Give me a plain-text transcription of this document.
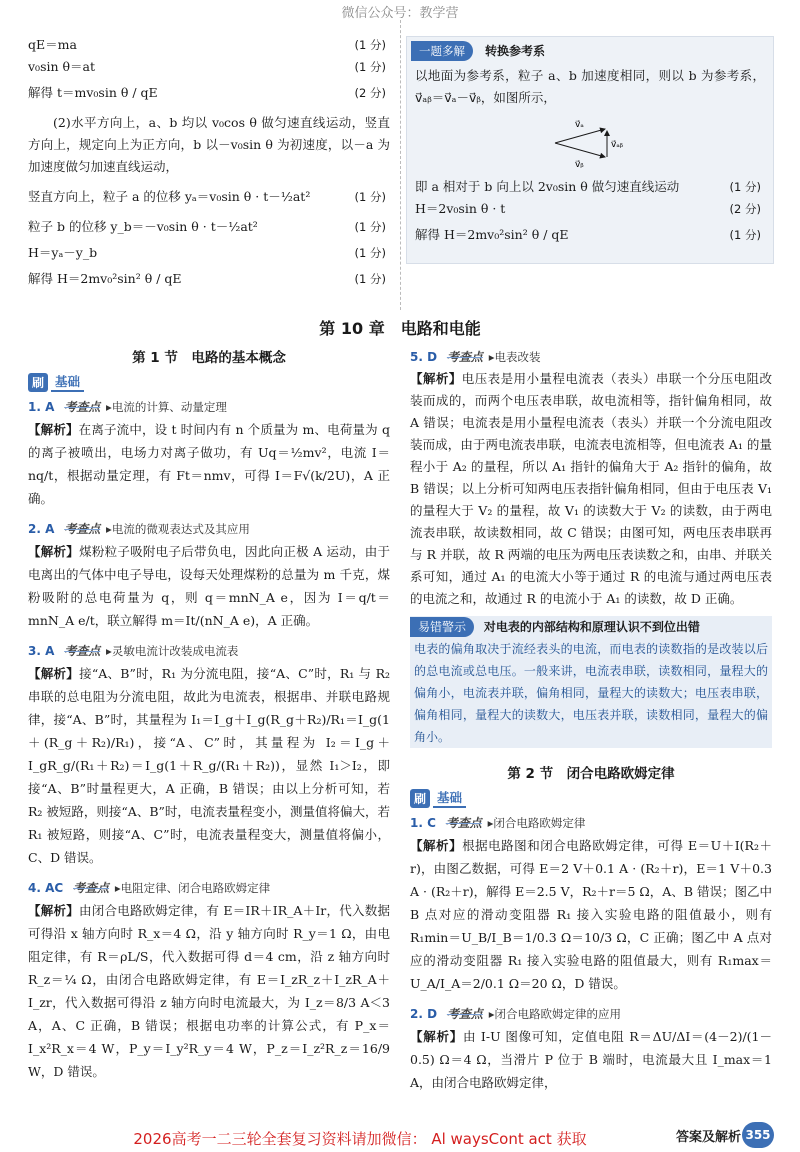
微信公众号：教学营
qE＝ma	(1 分)
v₀sin θ＝at	(1 分)
解得 t＝mv₀sin θ / qE	(2 分)
(2)水平方向上，a、b 均以 v₀cos θ 做匀速直线运动，竖直方向上，规定向上为正方向，b 以－v₀sin θ 为初速度，以－a 为加速度做匀加速直线运动，
竖直方向上，粒子 a 的位移 yₐ＝v₀sin θ · t－½at²	(1 分)
粒子 b 的位移 y_b＝－v₀sin θ · t－½at²	(1 分)
H＝yₐ－y_b	(1 分)
解得 H＝2mv₀²sin² θ / qE	(1 分)
一题多解 转换参考系
以地面为参考系，粒子 a、b 加速度相同，则以 b 为参考系，v⃗ₐᵦ＝v⃗ₐ－v⃗ᵦ，如图所示，
v⃗ₐ
v⃗ᵦ
v⃗ₐᵦ
即 a 相对于 b 向上以 2v₀sin θ 做匀速直线运动	(1 分)
H＝2v₀sin θ · t	(2 分)
解得 H＝2mv₀²sin² θ / qE	(1 分)
第 10 章　电路和电能
第 1 节　电路的基本概念
刷 基础
1. A 考查点 ▸电流的计算、动量定理
【解析】在离子流中，设 t 时间内有 n 个质量为 m、电荷量为 q 的离子被喷出，电场力对离子做功，有 Uq＝½mv²，电流 I＝nq/t，根据动量定理，有 Ft＝nmv，可得 I＝F√(k/2U)，A 正确。
2. A 考查点 ▸电流的微观表达式及其应用
【解析】煤粉粒子吸附电子后带负电，因此向正极 A 运动，由于电离出的气体中电子导电，设每天处理煤粉的总量为 m 千克，煤粉吸附的总电荷量为 q，则 q＝mnN_A e，因为 I＝q/t＝mnN_A e/t，联立解得 m＝It/(nN_A e)，A 正确。
3. A 考查点 ▸灵敏电流计改装成电流表
【解析】接“A、B”时，R₁ 为分流电阻，接“A、C”时，R₁ 与 R₂ 串联的总电阻为分流电阻，故此为电流表，根据串、并联电路规律，接“A、B”时，其量程为 I₁＝I_g＋I_g(R_g＋R₂)/R₁＝I_g(1＋(R_g＋R₂)/R₁)，接“A、C”时，其量程为 I₂＝I_g＋I_gR_g/(R₁＋R₂)＝I_g(1＋R_g/(R₁＋R₂))，显然 I₁＞I₂，即接“A、B”时量程更大，A 正确，B 错误；由以上分析可知，若 R₂ 被短路，则接“A、B”时，电流表量程变小，测量值将偏大，若 R₁ 被短路，则接“A、C”时，电流表量程变大，测量值将偏小，C、D 错误。
4. AC 考查点 ▸电阻定律、闭合电路欧姆定律
【解析】由闭合电路欧姆定律，有 E＝IR＋IR_A＋Ir，代入数据可得沿 x 轴方向时 R_x＝4 Ω，沿 y 轴方向时 R_y＝1 Ω，由电阻定律，有 R＝ρL/S，代入数据可得 d＝4 cm，沿 z 轴方向时 R_z＝¼ Ω，由闭合电路欧姆定律，有 E＝I_zR_z＋I_zR_A＋I_zr，代入数据可得沿 z 轴方向时电流最大，为 I_z＝8/3 A＜3 A，A、C 正确，B 错误；根据电功率的计算公式，有 P_x＝I_x²R_x＝4 W，P_y＝I_y²R_y＝4 W，P_z＝I_z²R_z＝16/9 W，D 错误。
5. D 考查点 ▸电表改装
【解析】电压表是用小量程电流表（表头）串联一个分压电阻改装而成的，而两个电压表串联，故电流相等，指针偏角相同，故 A 错误；电流表是用小量程电流表（表头）并联一个分流电阻改装而成，由于两电流表串联，电流表电流相等，但电流表 A₁ 的量程小于 A₂ 的量程，所以 A₁ 指针的偏角大于 A₂ 指针的偏角，故 B 错误；以上分析可知两电压表指针偏角相同，但由于电压表 V₁ 的量程大于 V₂ 的量程，故 V₁ 的读数大于 V₂ 的读数，由于两电流表串联，故读数相同，故 C 错误；由图可知，两电压表串联再与 R 并联，故 R 两端的电压为两电压表读数之和，由串、并联关系可知，通过 A₁ 的电流大小等于通过 R 的电流与通过两电压表的电流之和，故通过 R 的电流小于 A₁ 的读数，故 D 正确。
易错警示 对电表的内部结构和原理认识不到位出错
电表的偏角取决于流经表头的电流，而电表的读数指的是改装以后的总电流或总电压。一般来讲，电流表串联，读数相同，量程大的偏角小，电流表并联，偏角相同，量程大的读数大；电压表串联，偏角相同，量程大的读数大，电压表并联，读数相同，量程大的偏角小。
第 2 节　闭合电路欧姆定律
刷 基础
1. C 考查点 ▸闭合电路欧姆定律
【解析】根据电路图和闭合电路欧姆定律，可得 E＝U＋I(R₂＋r)，由图乙数据，可得 E＝2 V＋0.1 A · (R₂＋r)，E＝1 V＋0.3 A · (R₂＋r)，解得 E＝2.5 V，R₂＋r＝5 Ω，A、B 错误；图乙中 B 点对应的滑动变阻器 R₁ 接入实验电路的阻值最小，则有 R₁min＝U_B/I_B＝1/0.3 Ω＝10/3 Ω，C 正确；图乙中 A 点对应的滑动变阻器 R₁ 接入实验电路的阻值最大，则有 R₁max＝U_A/I_A＝2/0.1 Ω＝20 Ω，D 错误。
2. D 考查点 ▸闭合电路欧姆定律的应用
【解析】由 I-U 图像可知，定值电阻 R＝ΔU/ΔI＝(4－2)/(1－0.5) Ω＝4 Ω，当滑片 P 位于 B 端时，电流最大且 I_max＝1 A，由闭合电路欧姆定律，
2026高考一二三轮全套复习资料请加微信： Al waysCont act 获取	答案及解析 355
